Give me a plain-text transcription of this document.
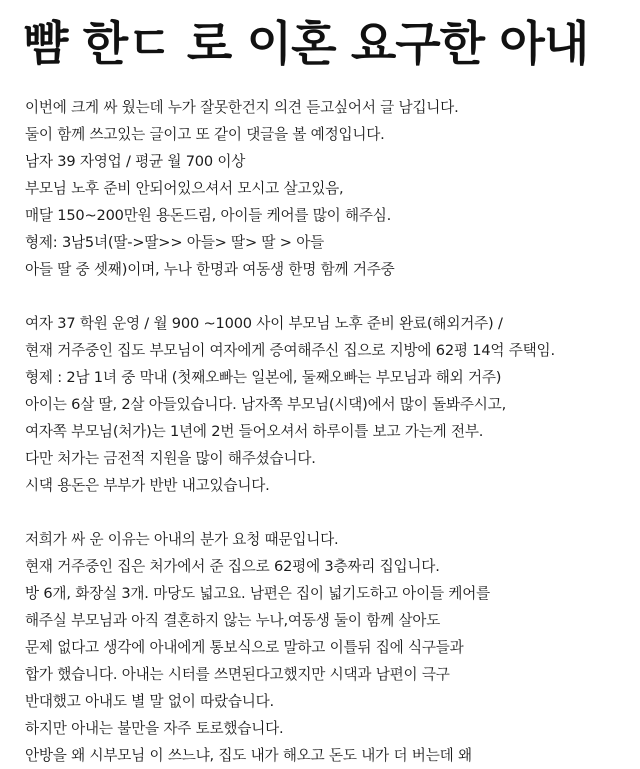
뺨 한ㄷ 로 이혼 요구한 아내
이번에 크게 싸 웠는데 누가 잘못한건지 의견 듣고싶어서 글 남깁니다.
둘이 함께 쓰고있는 글이고 또 같이 댓글을 볼 예정입니다.
남자 39 자영업 / 평균 월 700 이상
부모님 노후 준비 안되어있으셔서 모시고 살고있음,
매달 150~200만원 용돈드림, 아이들 케어를 많이 해주심.
형제: 3남5녀(딸->딸>> 아들> 딸> 딸 > 아들
아들 딸 중 셋째)이며, 누나 한명과 여동생 한명 함께 거주중
여자 37 학원 운영 / 월 900 ~1000 사이 부모님 노후 준비 완료(해외거주) /
현재 거주중인 집도 부모님이 여자에게 증여해주신 집으로 지방에 62평 14억 주택임.
형제 : 2남 1녀 중 막내 (첫째오빠는 일본에, 둘째오빠는 부모님과 해외 거주)
아이는 6살 딸, 2살 아들있습니다. 남자쪽 부모님(시댁)에서 많이 돌봐주시고,
여자쪽 부모님(처가)는 1년에 2번 들어오셔서 하루이틀 보고 가는게 전부.
다만 처가는 금전적 지원을 많이 해주셨습니다.
시댁 용돈은 부부가 반반 내고있습니다.
저희가 싸 운 이유는 아내의 분가 요청 때문입니다.
현재 거주중인 집은 처가에서 준 집으로 62평에 3층짜리 집입니다.
방 6개, 화장실 3개. 마당도 넓고요. 남편은 집이 넓기도하고 아이들 케어를
해주실 부모님과 아직 결혼하지 않는 누나,여동생 둘이 함께 살아도
문제 없다고 생각에 아내에게 통보식으로 말하고 이틀뒤 집에 식구들과
합가 했습니다. 아내는 시터를 쓰면된다고했지만 시댁과 남편이 극구
반대했고 아내도 별 말 없이 따랐습니다.
하지만 아내는 불만을 자주 토로했습니다.
안방을 왜 시부모님 이 쓰느냐, 집도 내가 해오고 돈도 내가 더 버는데 왜
